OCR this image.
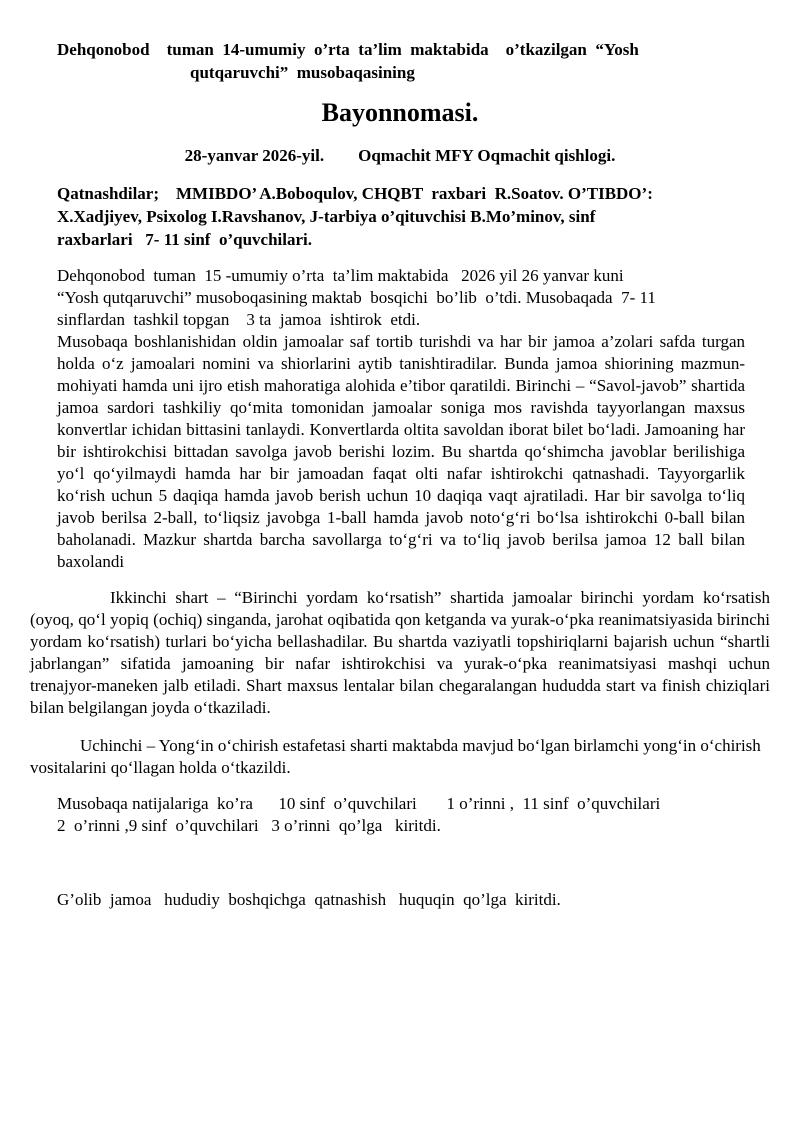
Dehqonobod    tuman  14-umumiy  o’rta  ta’lim  maktabida    o’tkazilgan  “Yosh

qutqaruvchi”  musobaqasining

Bayonnomasi.

28-yanvar 2026-yil.        Oqmachit MFY Oqmachit qishlogi.

Qatnashdilar;    MMIBDO’ A.Boboqulov, CHQBT  raxbari  R.Soatov. O’TIBDO’:

X.Xadjiyev, Psixolog I.Ravshanov, J-tarbiya o’qituvchisi B.Mo’minov, sinf

raxbarlari   7- 11 sinf  o’quvchilari.

Dehqonobod  tuman  15 -umumiy o’rta  ta’lim maktabida   2026 yil 26 yanvar kuni

“Yosh qutqaruvchi” musoboqasining maktab  bosqichi  bo’lib  o’tdi. Musobaqada  7- 11

sinflardan  tashkil topgan    3 ta  jamoa  ishtirok  etdi.

Musobaqa boshlanishidan oldin jamoalar saf tortib turishdi va har bir jamoa a’zolari safda turgan holda o‘z jamoalari nomini va shiorlarini aytib tanishtiradilar. Bunda jamoa shiorining mazmun-mohiyati hamda uni ijro etish mahoratiga alohida e’tibor qaratildi. Birinchi – “Savol-javob” shartida jamoa sardori tashkiliy qo‘mita tomonidan jamoalar soniga mos ravishda tayyorlangan maxsus konvertlar ichidan bittasini tanlaydi. Konvertlarda oltita savoldan iborat bilet bo‘ladi. Jamoaning har bir ishtirokchisi bittadan savolga javob berishi lozim. Bu shartda qo‘shimcha javoblar berilishiga yo‘l qo‘yilmaydi hamda har bir jamoadan faqat olti nafar ishtirokchi qatnashadi. Tayyorgarlik ko‘rish uchun 5 daqiqa hamda javob berish uchun 10 daqiqa vaqt ajratiladi. Har bir savolga to‘liq javob berilsa 2-ball, to‘liqsiz javobga 1-ball hamda javob noto‘g‘ri bo‘lsa ishtirokchi 0-ball bilan baholanadi. Mazkur shartda barcha savollarga to‘g‘ri va to‘liq javob berilsa jamoa 12 ball bilan baxolandi

Ikkinchi shart – “Birinchi yordam ko‘rsatish” shartida jamoalar birinchi yordam ko‘rsatish (oyoq, qo‘l yopiq (ochiq) singanda, jarohat oqibatida qon ketganda va yurak-o‘pka reanimatsiyasida birinchi yordam ko‘rsatish) turlari bo‘yicha bellashadilar. Bu shartda vaziyatli topshiriqlarni bajarish uchun “shartli jabrlangan” sifatida jamoaning bir nafar ishtirokchisi va yurak-o‘pka reanimatsiyasi mashqi uchun trenajyor-maneken jalb etiladi. Shart maxsus lentalar bilan chegaralangan hududda start va finish chiziqlari bilan belgilangan joyda o‘tkaziladi.

Uchinchi – Yong‘in o‘chirish estafetasi sharti maktabda mavjud bo‘lgan birlamchi yong‘in o‘chirish vositalarini qo‘llagan holda o‘tkazildi.

Musobaqa natijalariga  ko’ra      10 sinf  o’quvchilari       1 o’rinni ,  11 sinf  o’quvchilari

2  o’rinni ,9 sinf  o’quvchilari   3 o’rinni  qo’lga   kiritdi.

G’olib  jamoa   hududiy  boshqichga  qatnashish   huquqin  qo’lga  kiritdi.
